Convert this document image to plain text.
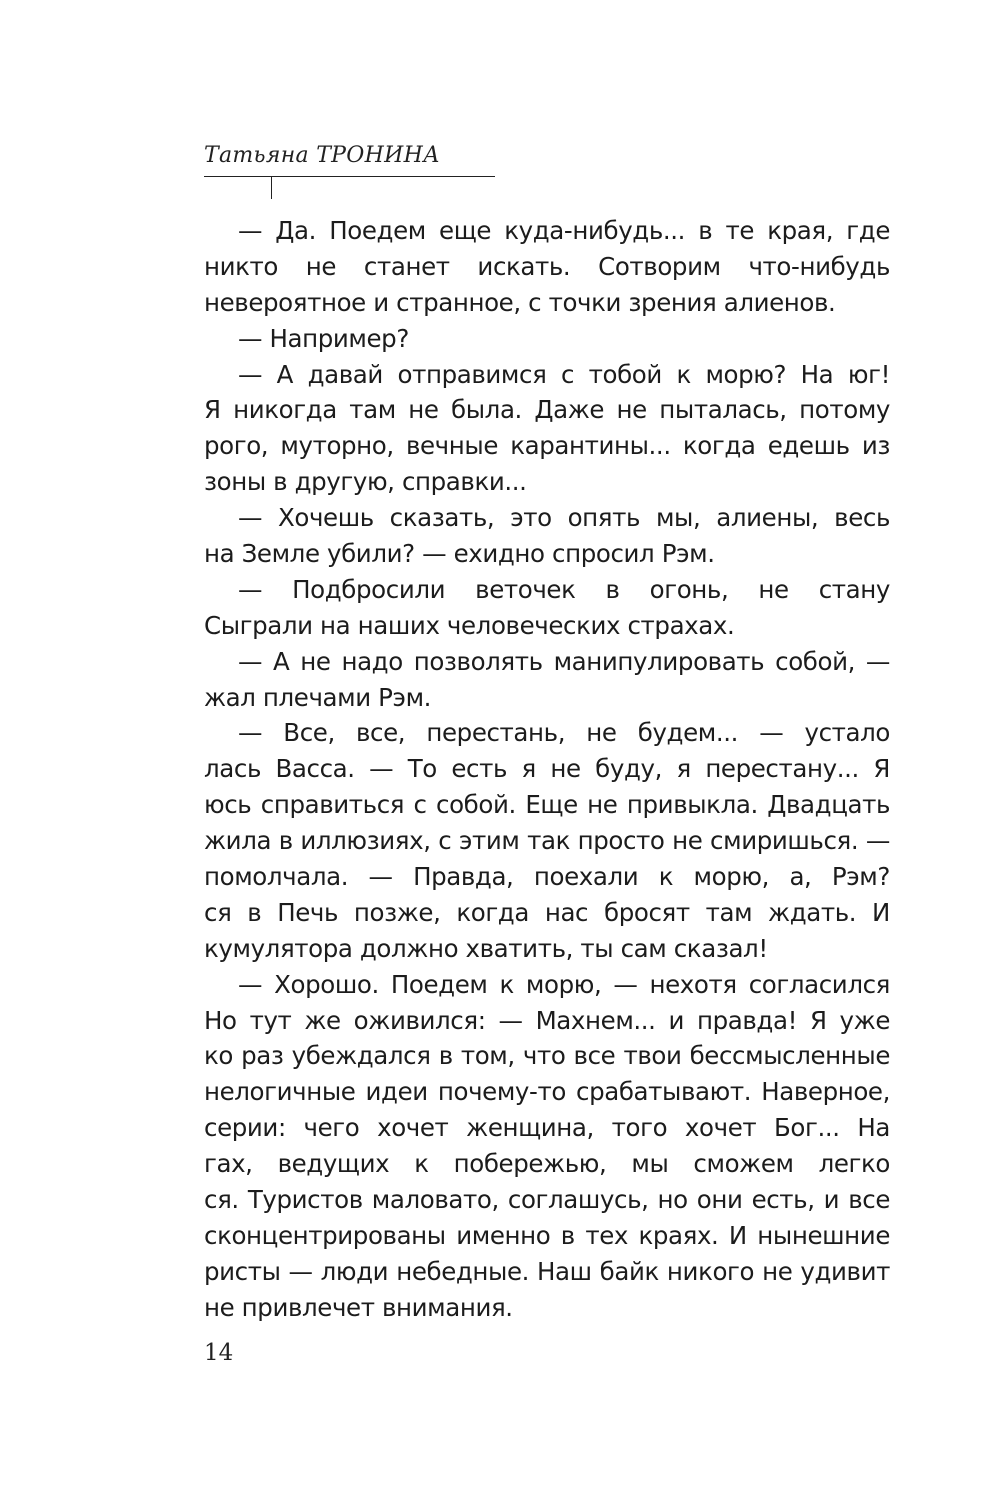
Татьяна ТРОНИНА
— Да. Поедем еще куда-нибудь... в те края, где
никто не станет искать. Сотворим что-нибудь
невероятное и странное, с точки зрения алиенов.
— Например?
— А давай отправимся с тобой к морю? На юг!
Я никогда там не была. Даже не пыталась, потому
рого, муторно, вечные карантины... когда едешь из
зоны в другую, справки...
— Хочешь сказать, это опять мы, алиены, весь
на Земле убили? — ехидно спросил Рэм.
— Подбросили веточек в огонь, не стану
Сыграли на наших человеческих страхах.
— А не надо позволять манипулировать собой, —
жал плечами Рэм.
— Все, все, перестань, не будем... — устало
лась Васса. — То есть я не буду, я перестану... Я
юсь справиться с собой. Еще не привыкла. Двадцать
жила в иллюзиях, с этим так просто не смиришься. —
помолчала. — Правда, поехали к морю, а, Рэм?
ся в Печь позже, когда нас бросят там ждать. И
кумулятора должно хватить, ты сам сказал!
— Хорошо. Поедем к морю, — нехотя согласился
Но тут же оживился: — Махнем... и правда! Я уже
ко раз убеждался в том, что все твои бессмысленные
нелогичные идеи почему-то срабатывают. Наверное,
серии: чего хочет женщина, того хочет Бог... На
гах, ведущих к побережью, мы сможем легко
ся. Туристов маловато, соглашусь, но они есть, и все
сконцентрированы именно в тех краях. И нынешние
ристы — люди небедные. Наш байк никого не удивит
не привлечет внимания.
14
